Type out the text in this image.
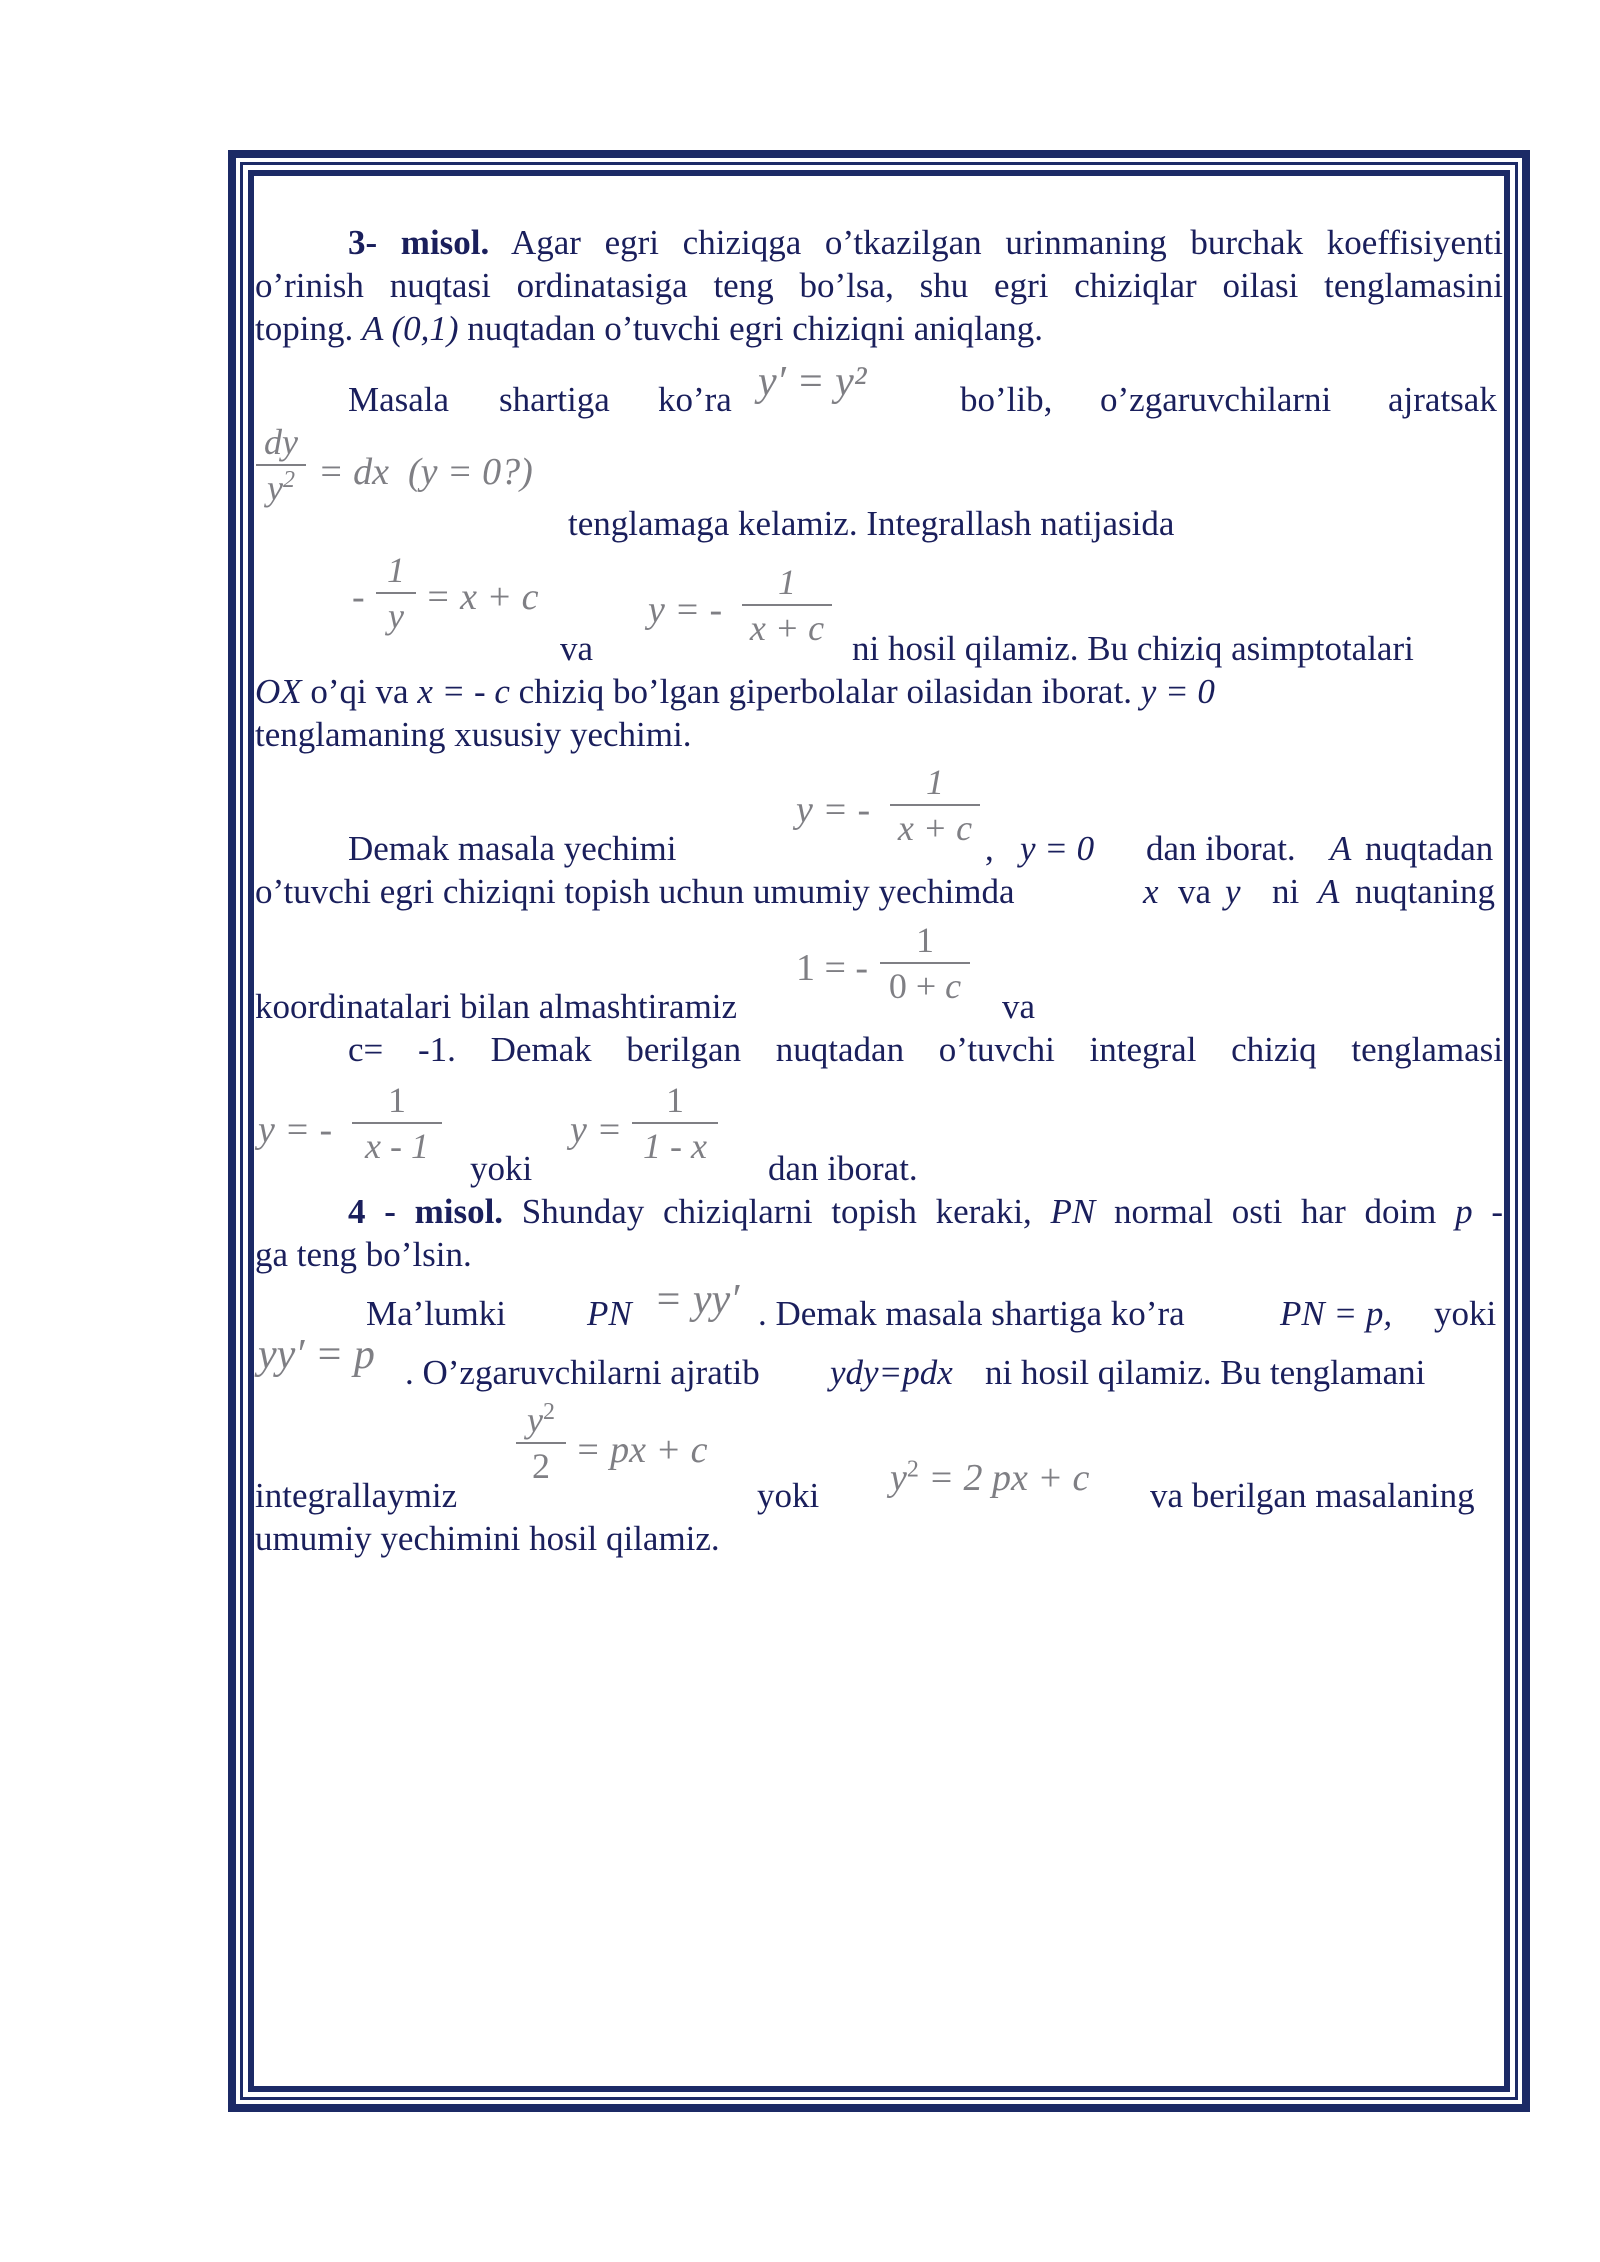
3- misol. Agar egri chiziqga o’tkazilgan urinmaning burchak koeffisiyenti
o’rinish nuqtasi ordinatasiga teng bo’lsa, shu egri chiziqlar oilasi tenglamasini
toping. A (0,1) nuqtadan o’tuvchi egri chiziqni aniqlang.
Masala shartiga ko’ra y′ = y²	bo’lib, o’zgaruvchilarni ajratsak
dy
$y^2$ = dx  (y = 0?)
tenglamaga kelamiz. Integrallash natijasida
-
1
y = x + c
va
y = -
1
x + c
ni hosil qilamiz. Bu chiziq asimptotalari
OX o’qi va x = - c chiziq bo’lgan giperbolalar oilasidan iborat. y = 0
tenglamaning xususiy yechimi.
Demak masala yechimi
y = -
1
x + c
, y = 0 dan iborat. A nuqtadan
o’tuvchi egri chiziqni topish uchun umumiy yechimda	x va y ni A nuqtaning
koordinatalari bilan almashtiramiz
1 = -
1
0 + c
va
c= -1. Demak berilgan nuqtadan o’tuvchi integral chiziq tenglamasi
y = -
1
x - 1
yoki
y =
1
1 - x
dan iborat.
4 - misol. Shunday chiziqlarni topish keraki, PN normal osti har doim p -
ga teng bo’lsin.
Ma’lumki PN = yy′ . Demak masala shartiga ko’ra	PN = p, yoki
yy′ = p . O’zgaruvchilarni ajratib ydy=pdx ni hosil qilamiz. Bu tenglamani
integrallaymiz
$y^2$
2 = px + c
yoki $y^2 = 2$ px + c va berilgan masalaning
umumiy yechimini hosil qilamiz.
